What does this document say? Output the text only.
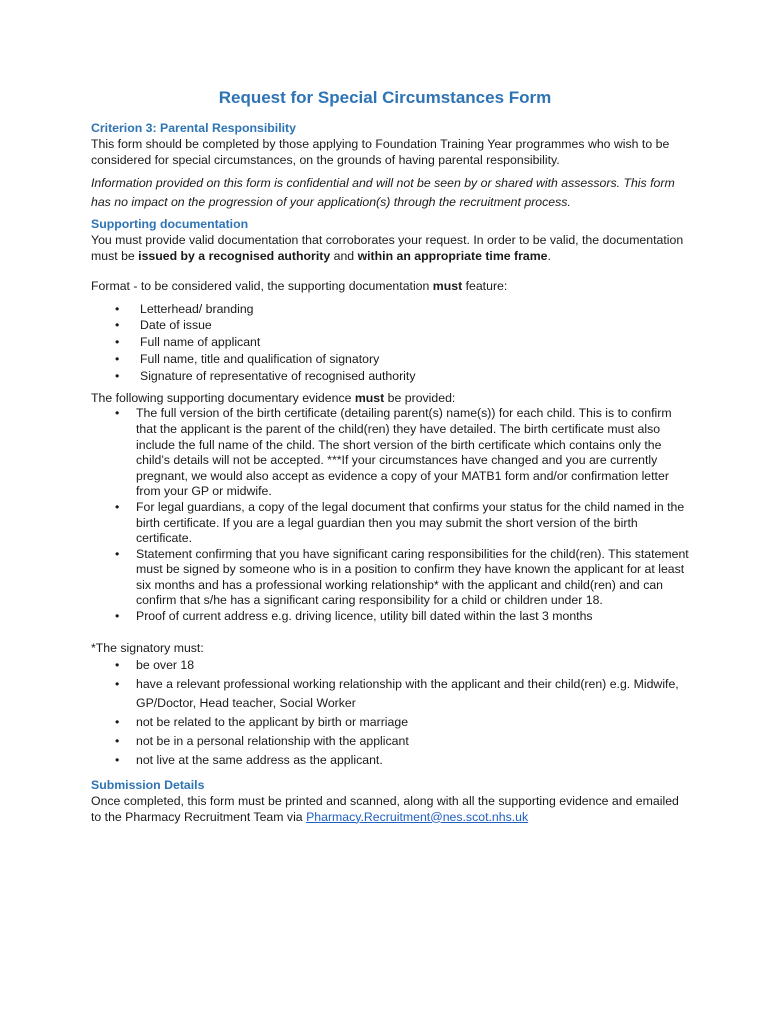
Request for Special Circumstances Form
Criterion 3: Parental Responsibility

This form should be completed by those applying to Foundation Training Year programmes who wish to be considered for special circumstances, on the grounds of having parental responsibility.

Information provided on this form is confidential and will not be seen by or shared with assessors. This form has no impact on the progression of your application(s) through the recruitment process.

Supporting documentation

You must provide valid documentation that corroborates your request. In order to be valid, the documentation must be issued by a recognised authority and within an appropriate time frame.

Format - to be considered valid, the supporting documentation must feature:

• Letterhead/ branding
• Date of issue
• Full name of applicant
• Full name, title and qualification of signatory
• Signature of representative of recognised authority

The following supporting documentary evidence must be provided:

• The full version of the birth certificate (detailing parent(s) name(s)) for each child. This is to confirm that the applicant is the parent of the child(ren) they have detailed. The birth certificate must also include the full name of the child. The short version of the birth certificate which contains only the child’s details will not be accepted. ***If your circumstances have changed and you are currently pregnant, we would also accept as evidence a copy of your MATB1 form and/or confirmation letter from your GP or midwife.
• For legal guardians, a copy of the legal document that confirms your status for the child named in the birth certificate. If you are a legal guardian then you may submit the short version of the birth certificate.
• Statement confirming that you have significant caring responsibilities for the child(ren). This statement must be signed by someone who is in a position to confirm they have known the applicant for at least six months and has a professional working relationship* with the applicant and child(ren) and can confirm that s/he has a significant caring responsibility for a child or children under 18.
• Proof of current address e.g. driving licence, utility bill dated within the last 3 months

*The signatory must:

• be over 18
• have a relevant professional working relationship with the applicant and their child(ren) e.g. Midwife, GP/Doctor, Head teacher, Social Worker
• not be related to the applicant by birth or marriage
• not be in a personal relationship with the applicant
• not live at the same address as the applicant.
Submission Details

Once completed, this form must be printed and scanned, along with all the supporting evidence and emailed to the Pharmacy Recruitment Team via Pharmacy.Recruitment@nes.scot.nhs.uk
